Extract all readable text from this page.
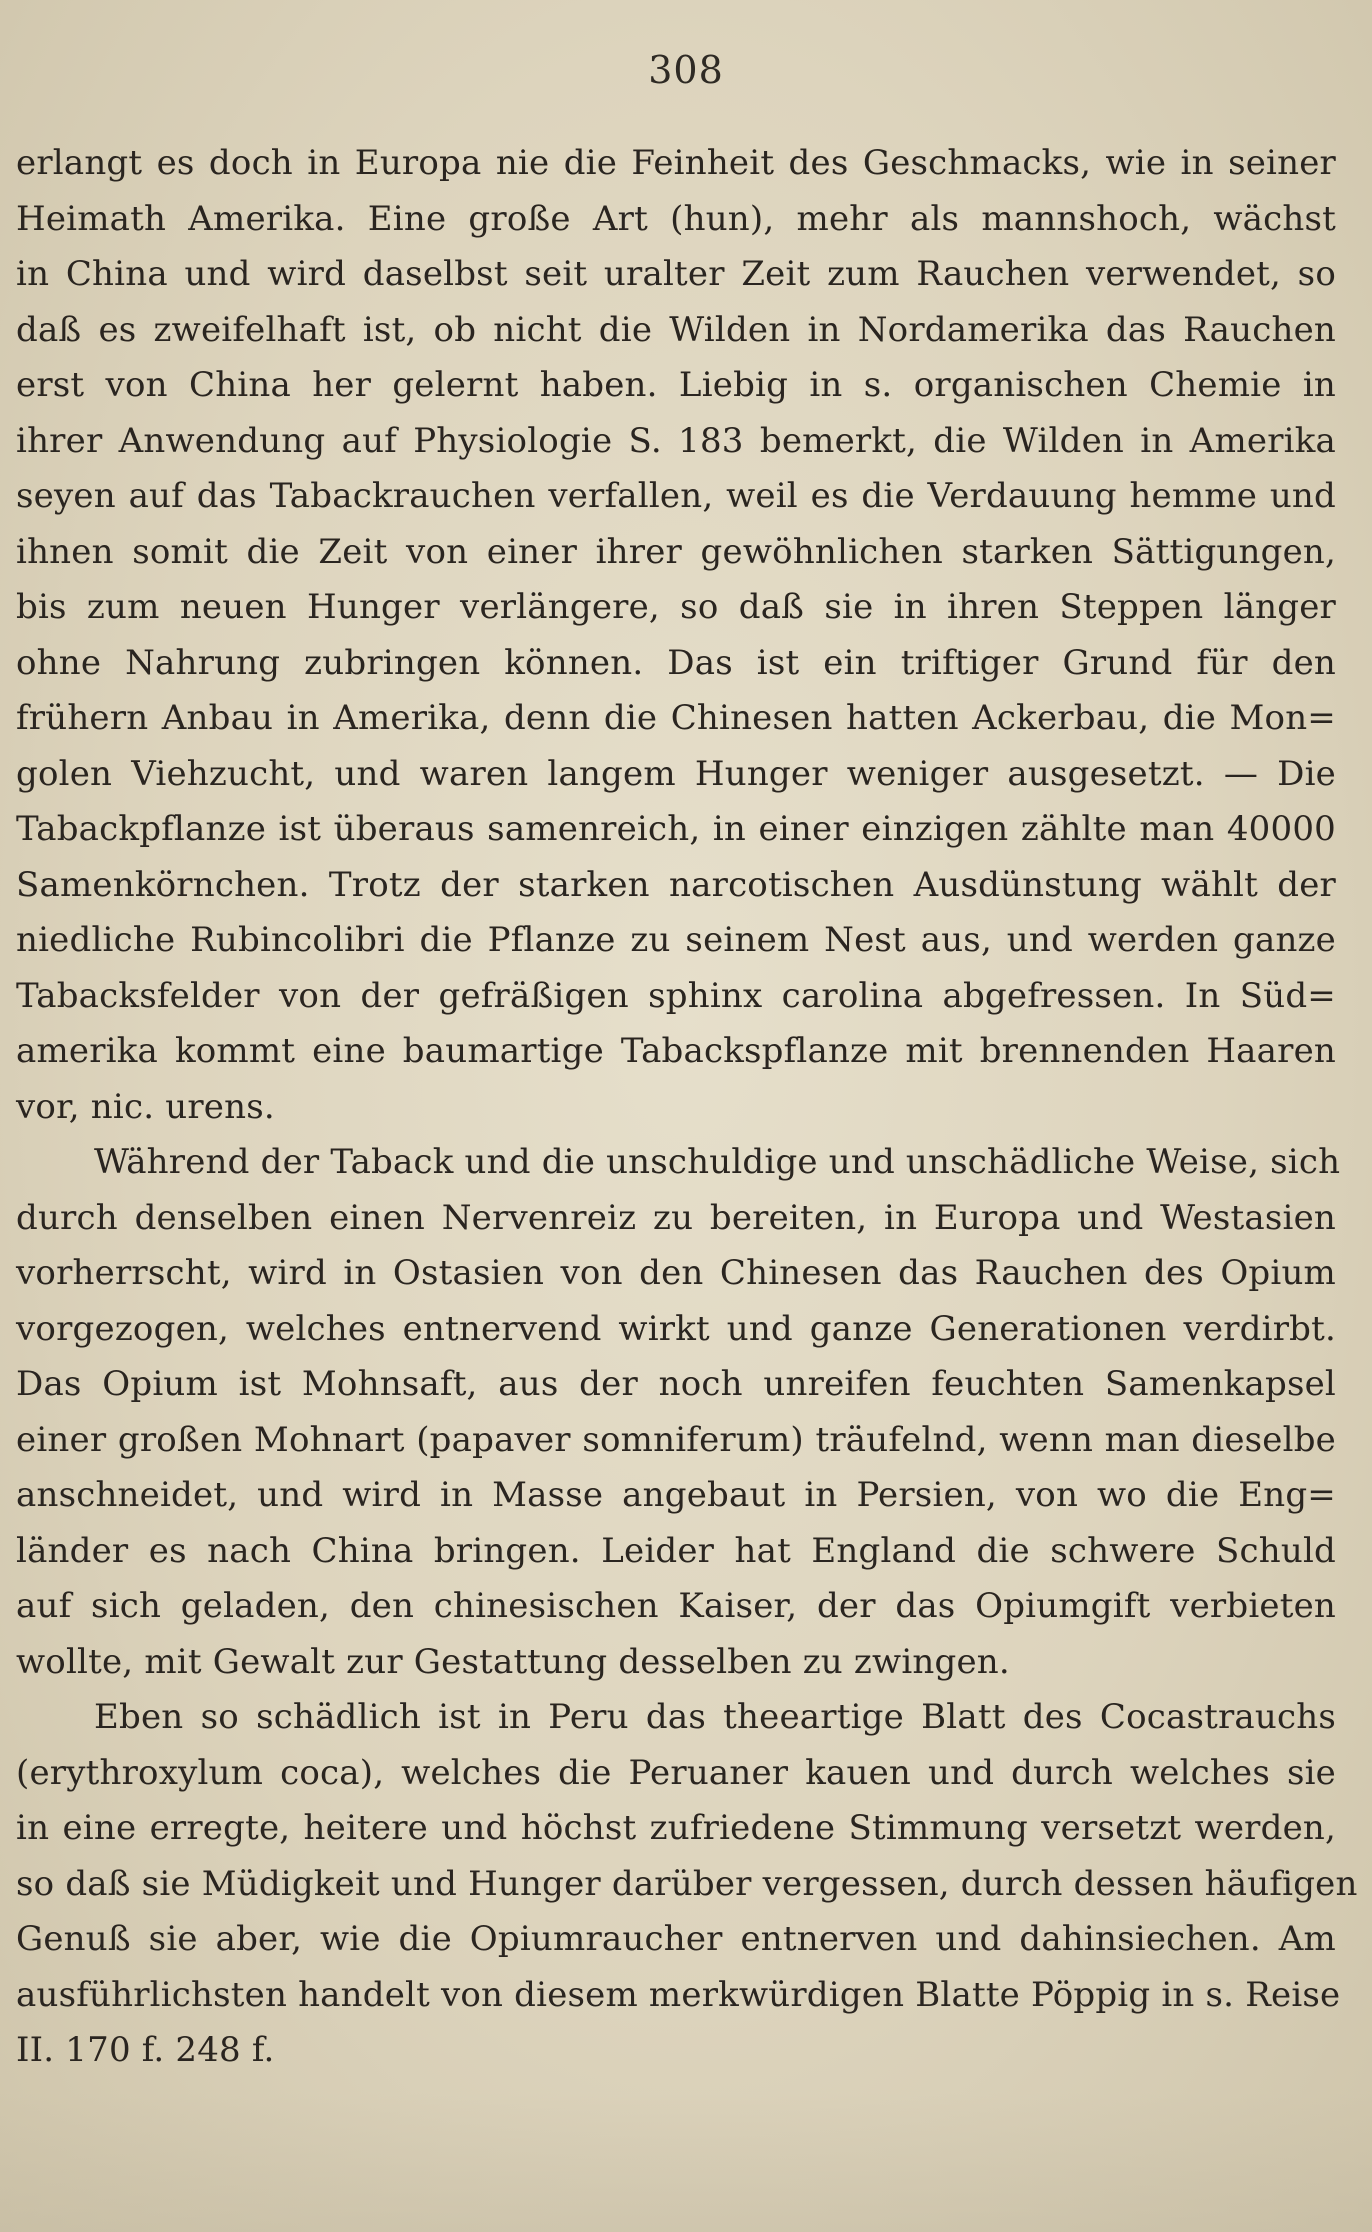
308
erlangt es doch in Europa nie die Feinheit des Geschmacks, wie in seiner
Heimath Amerika. Eine große Art (hun), mehr als mannshoch, wächst
in China und wird daselbst seit uralter Zeit zum Rauchen verwendet, so
daß es zweifelhaft ist, ob nicht die Wilden in Nordamerika das Rauchen
erst von China her gelernt haben. Liebig in s. organischen Chemie in
ihrer Anwendung auf Physiologie S. 183 bemerkt, die Wilden in Amerika
seyen auf das Tabackrauchen verfallen, weil es die Verdauung hemme und
ihnen somit die Zeit von einer ihrer gewöhnlichen starken Sättigungen,
bis zum neuen Hunger verlängere, so daß sie in ihren Steppen länger
ohne Nahrung zubringen können. Das ist ein triftiger Grund für den
frühern Anbau in Amerika, denn die Chinesen hatten Ackerbau, die Mon=
golen Viehzucht, und waren langem Hunger weniger ausgesetzt. — Die
Tabackpflanze ist überaus samenreich, in einer einzigen zählte man 40000
Samenkörnchen. Trotz der starken narcotischen Ausdünstung wählt der
niedliche Rubincolibri die Pflanze zu seinem Nest aus, und werden ganze
Tabacksfelder von der gefräßigen sphinx carolina abgefressen. In Süd=
amerika kommt eine baumartige Tabackspflanze mit brennenden Haaren
vor, nic. urens.
Während der Taback und die unschuldige und unschädliche Weise, sich
durch denselben einen Nervenreiz zu bereiten, in Europa und Westasien
vorherrscht, wird in Ostasien von den Chinesen das Rauchen des Opium
vorgezogen, welches entnervend wirkt und ganze Generationen verdirbt.
Das Opium ist Mohnsaft, aus der noch unreifen feuchten Samenkapsel
einer großen Mohnart (papaver somniferum) träufelnd, wenn man dieselbe
anschneidet, und wird in Masse angebaut in Persien, von wo die Eng=
länder es nach China bringen. Leider hat England die schwere Schuld
auf sich geladen, den chinesischen Kaiser, der das Opiumgift verbieten
wollte, mit Gewalt zur Gestattung desselben zu zwingen.
Eben so schädlich ist in Peru das theeartige Blatt des Cocastrauchs
(erythroxylum coca), welches die Peruaner kauen und durch welches sie
in eine erregte, heitere und höchst zufriedene Stimmung versetzt werden,
so daß sie Müdigkeit und Hunger darüber vergessen, durch dessen häufigen
Genuß sie aber, wie die Opiumraucher entnerven und dahinsiechen. Am
ausführlichsten handelt von diesem merkwürdigen Blatte Pöppig in s. Reise
II. 170 f. 248 f.
